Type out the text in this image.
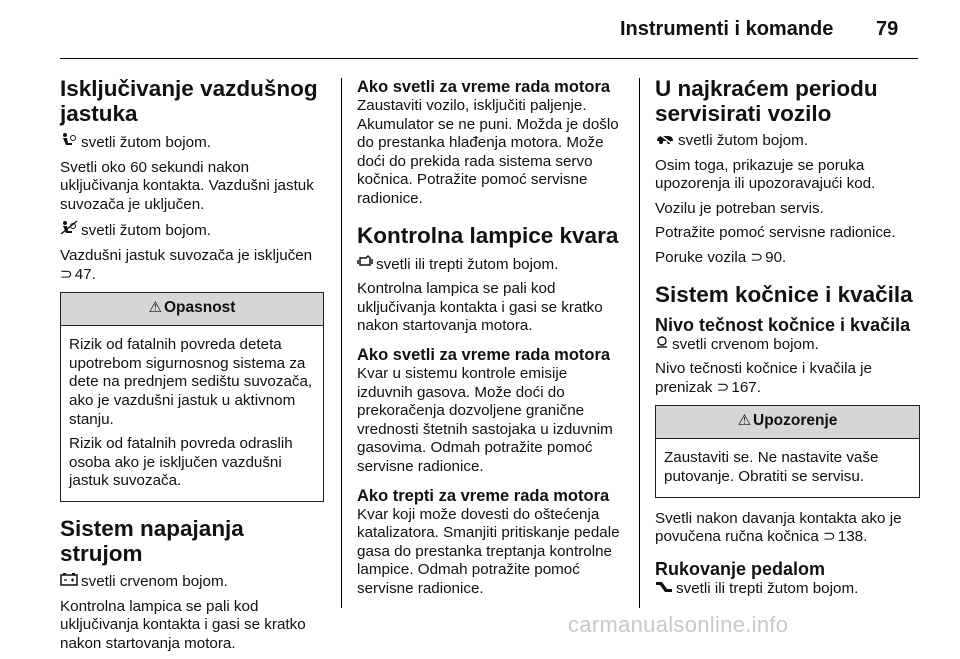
Instrumenti i komande 79
Isključivanje vazdušnog jastuka

svetli žutom bojom.

Svetli oko 60 sekundi nakon uključivanja kontakta. Vazdušni jastuk suvozača je uključen.

svetli žutom bojom.

Vazdušni jastuk suvozača je isključen
⊃ 47.

⚠ Opasnost

Rizik od fatalnih povreda deteta upotrebom sigurnosnog sistema za dete na prednjem sedištu suvozača, ako je vazdušni jastuk u aktivnom stanju.

Rizik od fatalnih povreda odraslih osoba ako je isključen vazdušni jastuk suvozača.

Sistem napajanja strujom

svetli crvenom bojom.

Kontrolna lampica se pali kod uključivanja kontakta i gasi se kratko nakon startovanja motora.

Ako svetli za vreme rada motora

Zaustaviti vozilo, isključiti paljenje. Akumulator se ne puni. Možda je došlo do prestanka hlađenja motora. Može doći do prekida rada sistema servo kočnica. Potražite pomoć servisne radionice.

Kontrolna lampice kvara

svetli ili trepti žutom bojom.

Kontrolna lampica se pali kod uključivanja kontakta i gasi se kratko nakon startovanja motora.

Ako svetli za vreme rada motora

Kvar u sistemu kontrole emisije izduvnih gasova. Može doći do prekoračenja dozvoljene granične vrednosti štetnih sastojaka u izduvnim gasovima. Odmah potražite pomoć servisne radionice.

Ako trepti za vreme rada motora

Kvar koji može dovesti do oštećenja katalizatora. Smanjiti pritiskanje pedale gasa do prestanka treptanja kontrolne lampice. Odmah potražite pomoć servisne radionice.

U najkraćem periodu servisirati vozilo

svetli žutom bojom.

Osim toga, prikazuje se poruka upozorenja ili upozoravajući kod.

Vozilu je potreban servis.

Potražite pomoć servisne radionice.

Poruke vozila ⊃ 90.

Sistem kočnice i kvačila
Nivo tečnost kočnice i kvačila

svetli crvenom bojom.

Nivo tečnosti kočnice i kvačila je prenizak ⊃ 167.

⚠ Upozorenje

Zaustaviti se. Ne nastavite vaše putovanje. Obratiti se servisu.

Svetli nakon davanja kontakta ako je povučena ručna kočnica ⊃ 138.

Rukovanje pedalom

svetli ili trepti žutom bojom.

carmanualsonline.info
